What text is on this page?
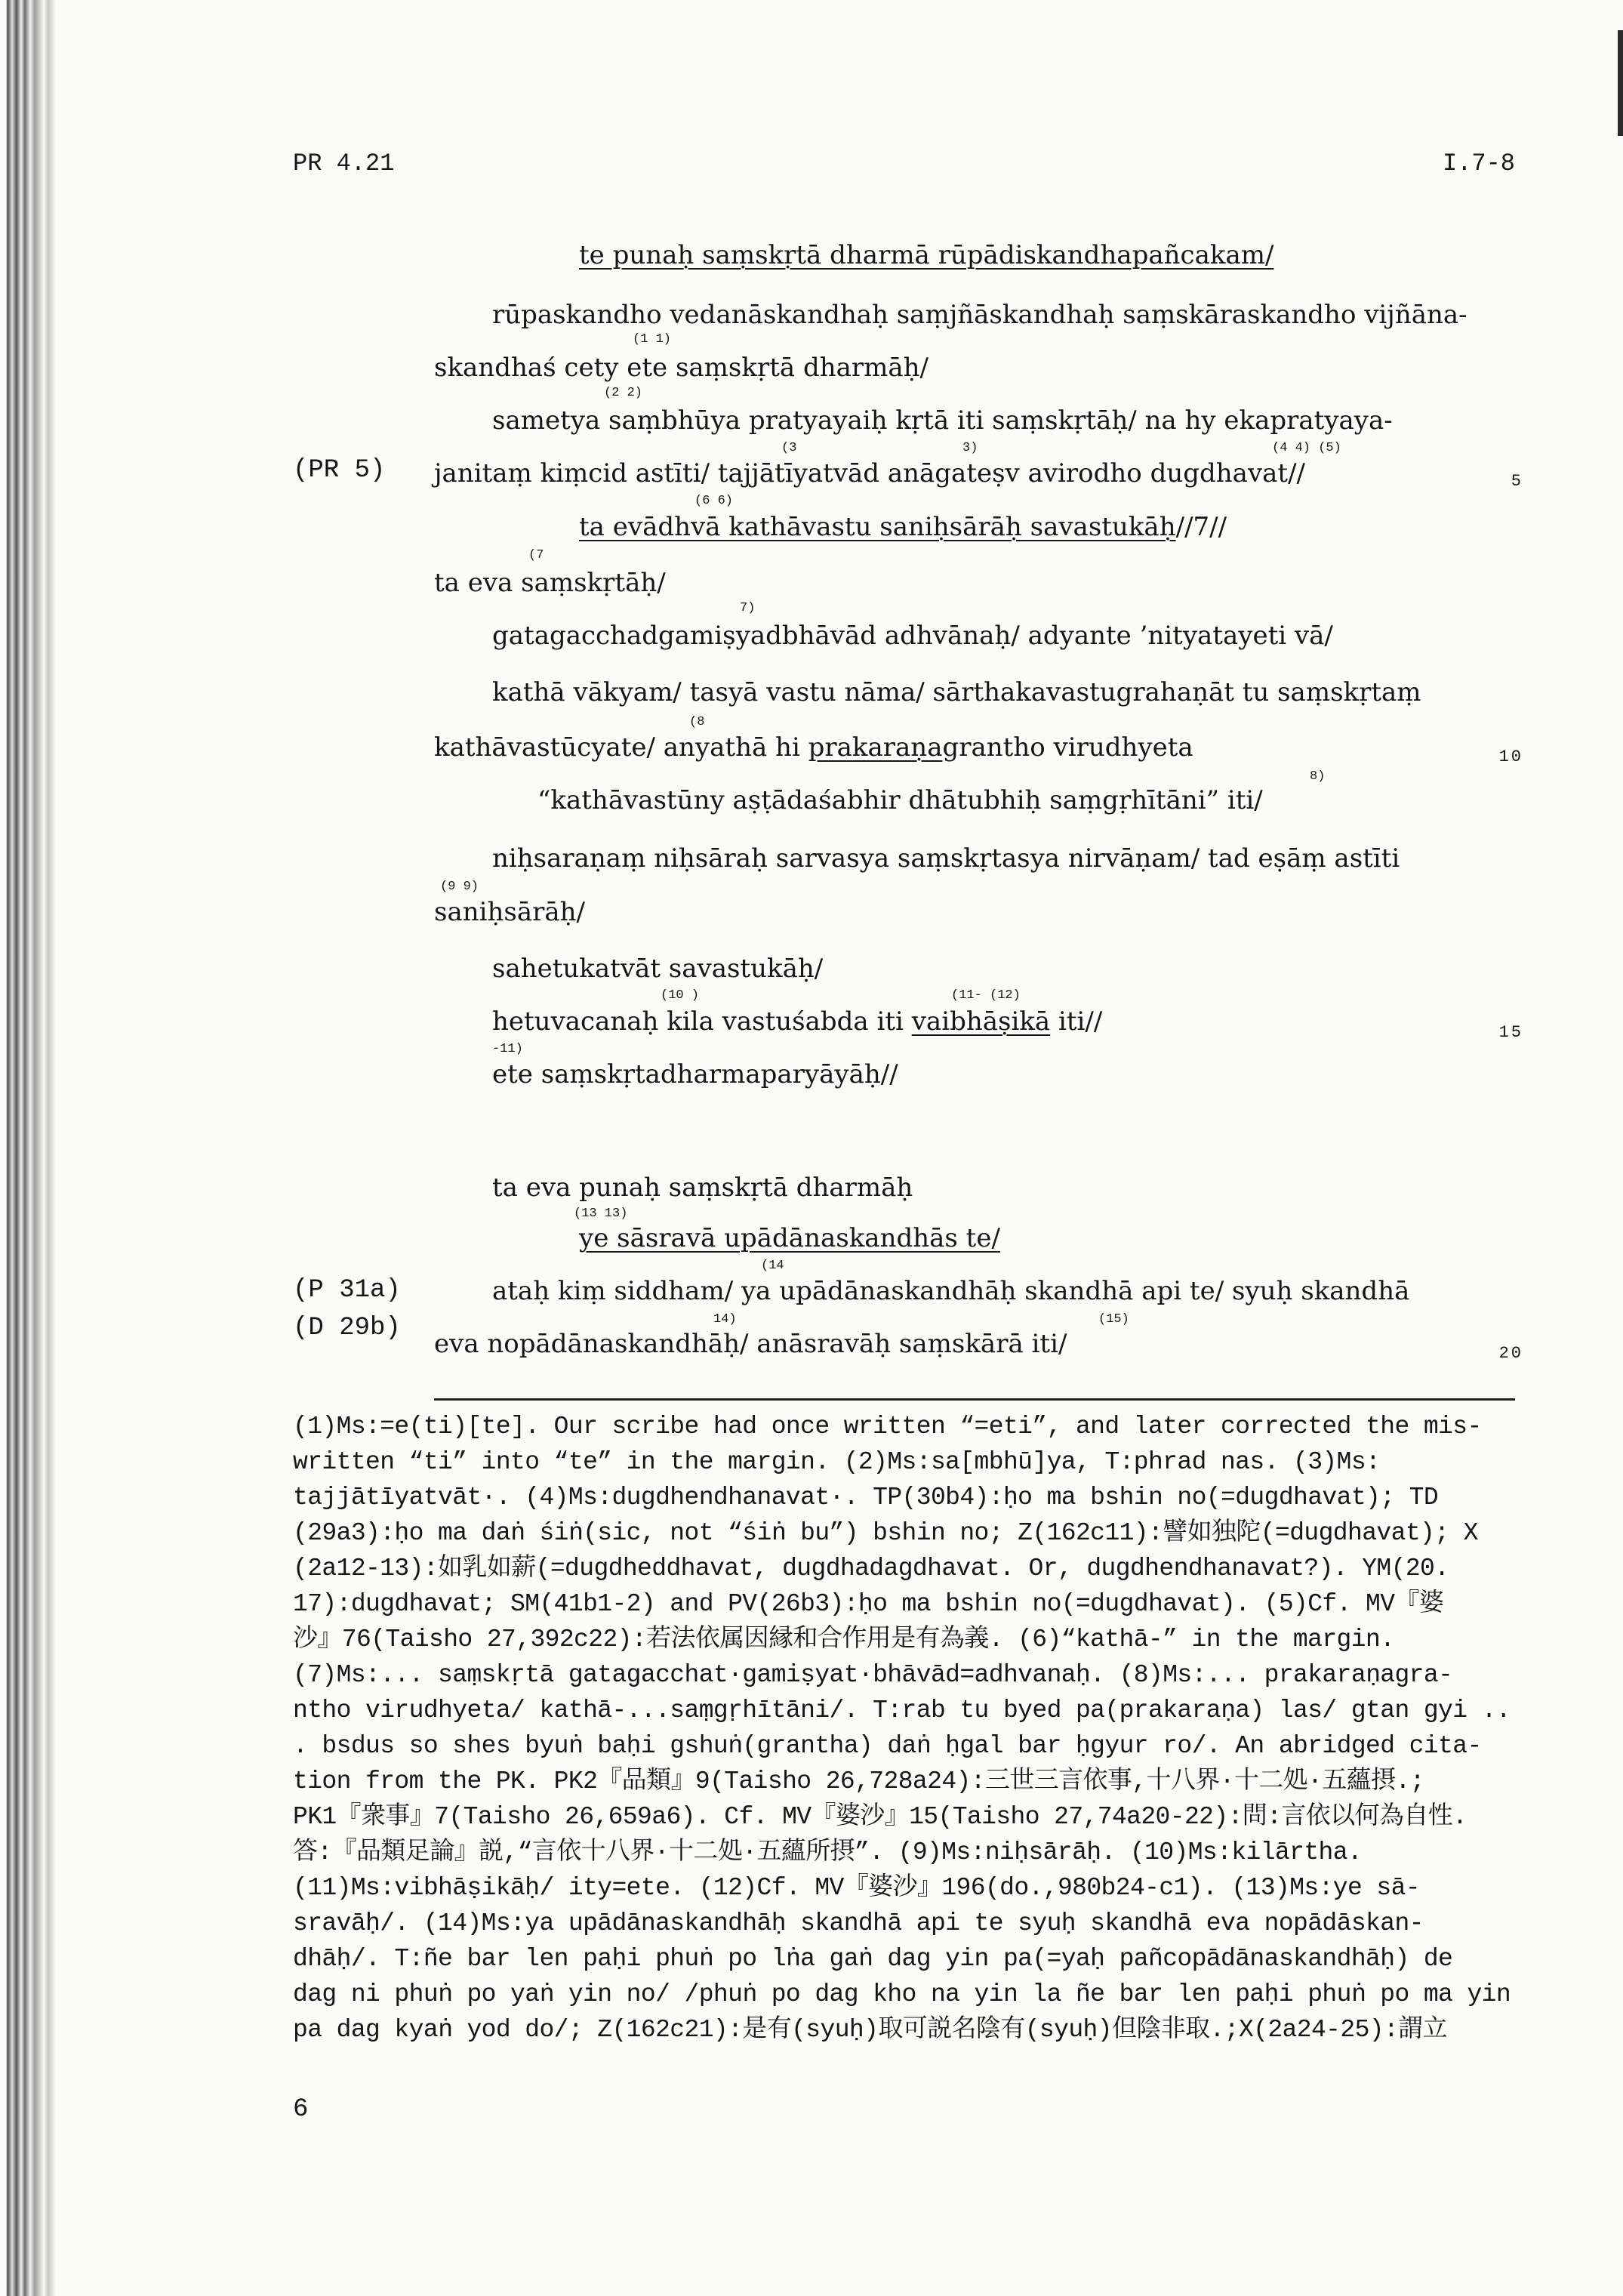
PR 4.21	I.7-8
te punaḥ saṃskṛtā dharmā rūpādiskandhapañcakam/
rūpaskandho vedanāskandhaḥ saṃjñāskandhaḥ saṃskāraskandho vijñāna-
(1 1)
skandhaś cety ete saṃskṛtā dharmāḥ/
(2 2)
sametya saṃbhūya pratyayaiḥ kṛtā iti saṃskṛtāḥ/ na hy ekapratyaya-
(3	3)	(4 4) (5)
(PR 5) janitaṃ kiṃcid astīti/ tajjātīyatvād anāgateṣv avirodho dugdhavat//	5
(6 6)
ta evādhvā kathāvastu saniḥsārāḥ savastukāḥ//7//
(7
ta eva saṃskṛtāḥ/
7)
gatagacchadgamiṣyadbhāvād adhvānaḥ/ adyante ’nityatayeti vā/
kathā vākyam/ tasyā vastu nāma/ sārthakavastugrahaṇāt tu saṃskṛtaṃ
(8
kathāvastūcyate/ anyathā hi prakaraṇagrantho virudhyeta	10
8)
“kathāvastūny aṣṭādaśabhir dhātubhiḥ saṃgṛhītāni” iti/
niḥsaraṇaṃ niḥsāraḥ sarvasya saṃskṛtasya nirvāṇam/ tad eṣāṃ astīti
(9 9)
saniḥsārāḥ/
sahetukatvāt savastukāḥ/
(10 )	(11- (12)
hetuvacanaḥ kila vastuśabda iti vaibhāṣikā iti//	15
-11)
ete saṃskṛtadharmaparyāyāḥ//
ta eva punaḥ saṃskṛtā dharmāḥ
(13 13)
ye sāsravā upādānaskandhās te/
(14
(P 31a)	ataḥ kiṃ siddham/ ya upādānaskandhāḥ skandhā api te/ syuḥ skandhā
(D 29b)	14)	(15)
eva nopādānaskandhāḥ/ anāsravāḥ saṃskārā iti/	20
(1)Ms:=e(ti)[te]. Our scribe had once written “=eti”, and later corrected the mis-
written “ti” into “te” in the margin. (2)Ms:sa[mbhū]ya, T:phrad nas. (3)Ms:
tajjātīyatvāt·. (4)Ms:dugdhendhanavat·. TP(30b4):ḥo ma bshin no(=dugdhavat); TD
(29a3):ḥo ma daṅ śiṅ(sic, not “śiṅ bu”) bshin no; Z(162c11):譬如独陀(=dugdhavat); X
(2a12-13):如乳如薪(=dugdheddhavat, dugdhadagdhavat. Or, dugdhendhanavat?). YM(20.
17):dugdhavat; SM(41b1-2) and PV(26b3):ḥo ma bshin no(=dugdhavat). (5)Cf. MV『婆
沙』76(Taisho 27,392c22):若法依属因縁和合作用是有為義. (6)“kathā-” in the margin.
(7)Ms:... saṃskṛtā gatagacchat·gamiṣyat·bhāvād=adhvanaḥ. (8)Ms:... prakaraṇagra-
ntho virudhyeta/ kathā-...saṃgṛhītāni/. T:rab tu byed pa(prakaraṇa) las/ gtan gyi ..
. bsdus so shes byuṅ baḥi gshuṅ(grantha) daṅ ḥgal bar ḥgyur ro/. An abridged cita-
tion from the PK. PK2『品類』9(Taisho 26,728a24):三世三言依事,十八界·十二処·五蘊摂.;
PK1『衆事』7(Taisho 26,659a6). Cf. MV『婆沙』15(Taisho 27,74a20-22):問:言依以何為自性.
答:『品類足論』説,“言依十八界·十二処·五蘊所摂”. (9)Ms:niḥsārāḥ. (10)Ms:kilārtha.
(11)Ms:vibhāṣikāḥ/ ity=ete. (12)Cf. MV『婆沙』196(do.,980b24-c1). (13)Ms:ye sā-
sravāḥ/. (14)Ms:ya upādānaskandhāḥ skandhā api te syuḥ skandhā eva nopādāskan-
dhāḥ/. T:ñe bar len paḥi phuṅ po lṅa gaṅ dag yin pa(=yaḥ pañcopādānaskandhāḥ) de
dag ni phuṅ po yaṅ yin no/ /phuṅ po dag kho na yin la ñe bar len paḥi phuṅ po ma yin
pa dag kyaṅ yod do/; Z(162c21):是有(syuḥ)取可説名陰有(syuḥ)但陰非取.;X(2a24-25):謂立
6
